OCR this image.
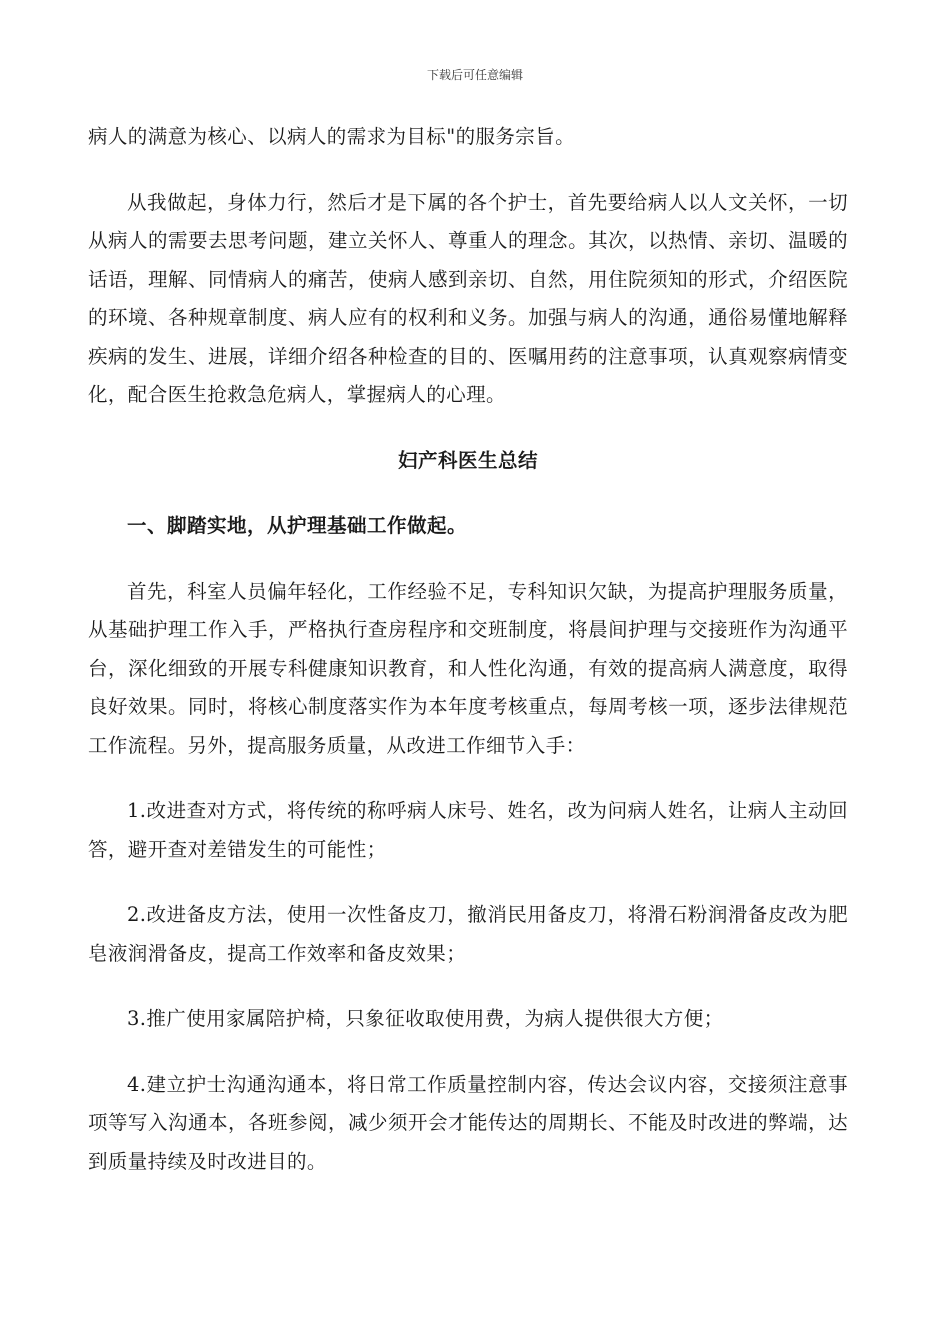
下载后可任意编辑

病人的满意为核心、以病人的需求为目标"的服务宗旨。

从我做起，身体力行，然后才是下属的各个护士，首先要给病人以人文关怀，一切从病人的需要去思考问题，建立关怀人、尊重人的理念。其次，以热情、亲切、温暖的话语，理解、同情病人的痛苦，使病人感到亲切、自然，用住院须知的形式，介绍医院的环境、各种规章制度、病人应有的权利和义务。加强与病人的沟通，通俗易懂地解释疾病的发生、进展，详细介绍各种检查的目的、医嘱用药的注意事项，认真观察病情变化，配合医生抢救急危病人，掌握病人的心理。

妇产科医生总结

一、脚踏实地，从护理基础工作做起。

首先，科室人员偏年轻化，工作经验不足，专科知识欠缺，为提高护理服务质量，从基础护理工作入手，严格执行查房程序和交班制度，将晨间护理与交接班作为沟通平台，深化细致的开展专科健康知识教育，和人性化沟通，有效的提高病人满意度，取得良好效果。同时，将核心制度落实作为本年度考核重点，每周考核一项，逐步法律规范工作流程。另外，提高服务质量，从改进工作细节入手：

1.改进查对方式，将传统的称呼病人床号、姓名，改为问病人姓名，让病人主动回答，避开查对差错发生的可能性；

2.改进备皮方法，使用一次性备皮刀，撤消民用备皮刀，将滑石粉润滑备皮改为肥皂液润滑备皮，提高工作效率和备皮效果；

3.推广使用家属陪护椅，只象征收取使用费，为病人提供很大方便；

4.建立护士沟通沟通本，将日常工作质量控制内容，传达会议内容，交接须注意事项等写入沟通本，各班参阅，减少须开会才能传达的周期长、不能及时改进的弊端，达到质量持续及时改进目的。
